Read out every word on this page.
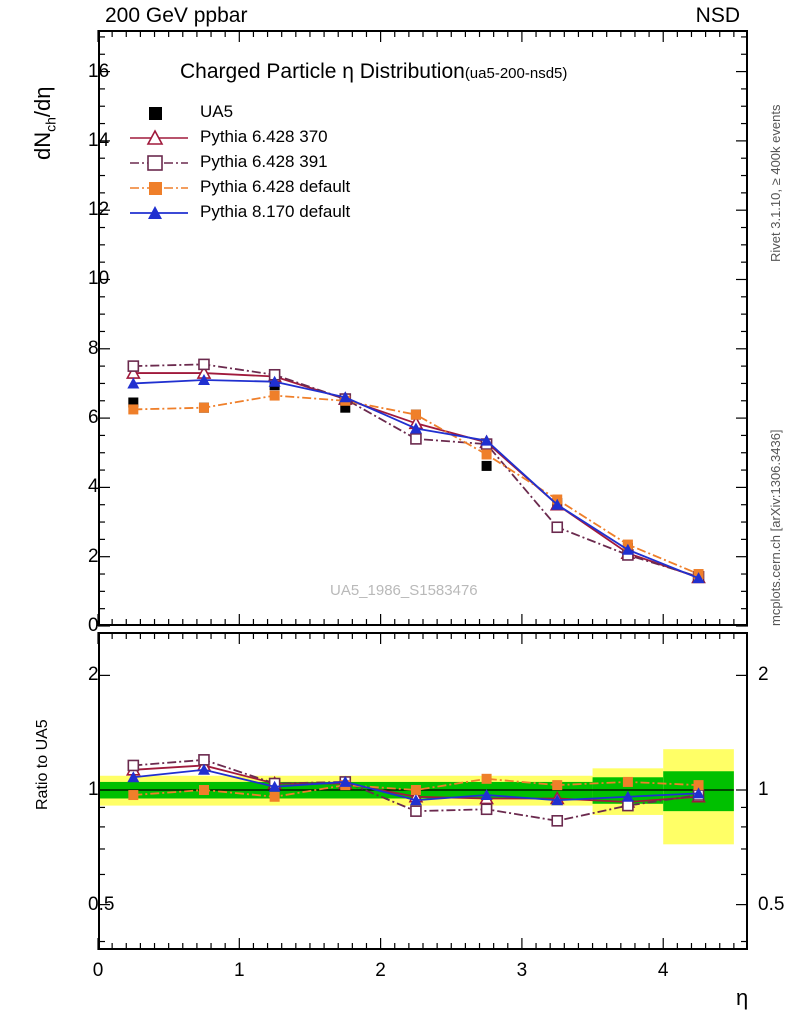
200 GeV ppbar	NSD
Rivet 3.1.10, ≥ 400k events
mcplots.cern.ch [arXiv:1306.3436]
$dN_{ch}/d\eta$
Charged Particle η Distribution(ua5-200-nsd5)
UA5_1986_S1583476
UA5
Pythia 6.428 370
Pythia 6.428 391
Pythia 6.428 default
Pythia 8.170 default
Ratio to UA5
η
0
2
4
6
8
10
12
14
16
0.5	0.5
1	1
2	2
0	1	2	3	4
